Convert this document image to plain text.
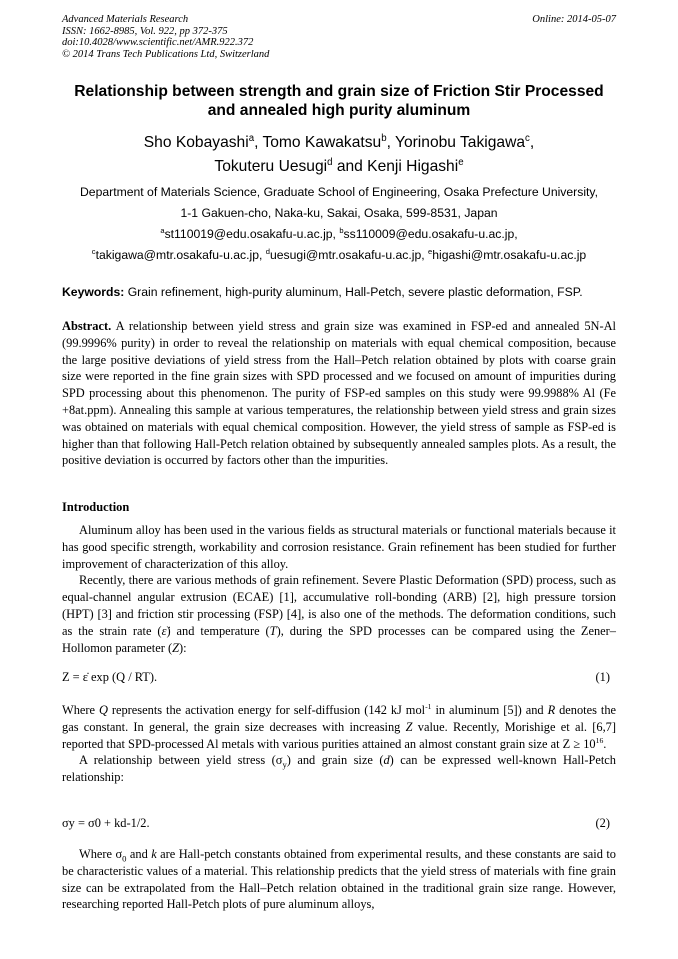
Advanced Materials Research
ISSN: 1662-8985, Vol. 922, pp 372-375
doi:10.4028/www.scientific.net/AMR.922.372
© 2014 Trans Tech Publications Ltd, Switzerland
Online: 2014-05-07
Relationship between strength and grain size of Friction Stir Processed
and annealed high purity aluminum
Sho Kobayashi$^a$, Tomo Kawakatsu$^b$, Yorinobu Takigawa$^c$,
Tokuteru Uesugi$^d$ and Kenji Higashi$^e$
Department of Materials Science, Graduate School of Engineering, Osaka Prefecture University,
1-1 Gakuen-cho, Naka-ku, Sakai, Osaka, 599-8531, Japan
$^a$st110019@edu.osakafu-u.ac.jp, $^b$ss110009@edu.osakafu-u.ac.jp,
$^c$takigawa@mtr.osakafu-u.ac.jp, $^d$uesugi@mtr.osakafu-u.ac.jp, $^e$higashi@mtr.osakafu-u.ac.jp
Keywords: Grain refinement, high-purity aluminum, Hall-Petch, severe plastic deformation, FSP.

Abstract. A relationship between yield stress and grain size was examined in FSP-ed and annealed 5N-Al (99.9996% purity) in order to reveal the relationship on materials with equal chemical composition, because the large positive deviations of yield stress from the Hall–Petch relation obtained by plots with coarse grain size were reported in the fine grain sizes with SPD processed and we focused on amount of impurities during SPD processing about this phenomenon. The purity of FSP-ed samples on this study were 99.9988% Al (Fe +8at.ppm). Annealing this sample at various temperatures, the relationship between yield stress and grain sizes was obtained on materials with equal chemical composition. However, the yield stress of sample as FSP-ed is higher than that following Hall-Petch relation obtained by subsequently annealed samples plots. As a result, the positive deviation is occurred by factors other than the impurities.

Introduction

Aluminum alloy has been used in the various fields as structural materials or functional materials because it has good specific strength, workability and corrosion resistance. Grain refinement has been studied for further improvement of characterization of this alloy.

Recently, there are various methods of grain refinement. Severe Plastic Deformation (SPD) process, such as equal-channel angular extrusion (ECAE) [1], accumulative roll-bonding (ARB) [2], high pressure torsion (HPT) [3] and friction stir processing (FSP) [4], is also one of the methods. The deformation conditions, such as the strain rate (ε̇) and temperature (T), during the SPD processes can be compared using the Zener–Hollomon parameter (Z):

Z = ε̇ exp (Q / RT).	(1)

Where Q represents the activation energy for self-diffusion (142 kJ mol$^{-1}$ in aluminum [5]) and R denotes the gas constant. In general, the grain size decreases with increasing Z value. Recently, Morishige et al. [6,7] reported that SPD-processed Al metals with various purities attained an almost constant grain size at $Z \ge 10^{16}$.

A relationship between yield stress $(\sigma_y)$ and grain size (d) can be expressed well-known Hall-Petch relationship:

σy = σ0 + kd-1/2.	(2)

Where $\sigma_0$ and k are Hall-petch constants obtained from experimental results, and these constants are said to be characteristic values of a material. This relationship predicts that the yield stress of materials with fine grain size can be extrapolated from the Hall–Petch relation obtained in the traditional grain size range. However, researching reported Hall-Petch plots of pure aluminum alloys,
